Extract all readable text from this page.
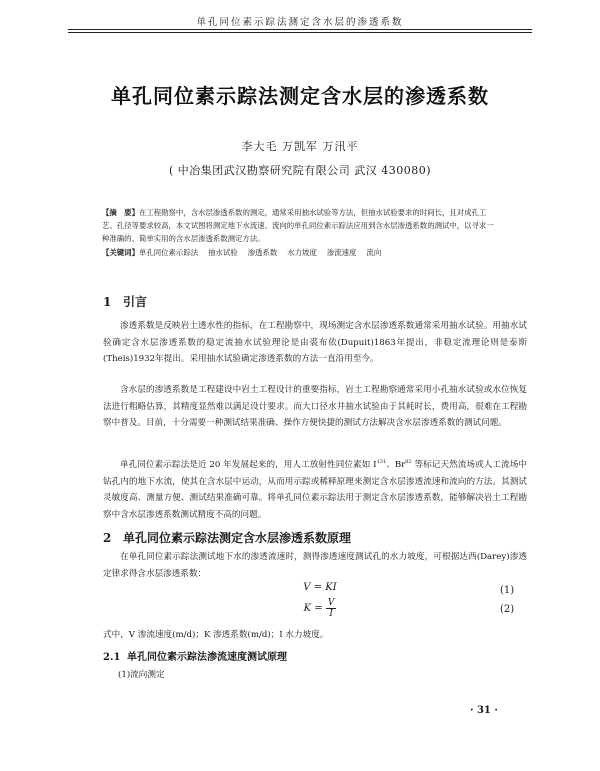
单孔同位素示踪法测定含水层的渗透系数
单孔同位素示踪法测定含水层的渗透系数
李大毛 万凯军 万汛平
( 中冶集团武汉勘察研究院有限公司 武汉 430080)
【摘　要】在工程勘察中，含水层渗透系数的测定，通常采用抽水试验等方法，但抽水试验要求的时间长，且对成孔工艺、孔径等要求较高，本文试图将测定地下水流速、流向的单孔同位素示踪法应用到含水层渗透系数的测试中，以寻求一种准确的、简单实用的含水层渗透系数测定方法。
【关键词】单孔同位素示踪法 抽水试验 渗透系数 水力坡度 渗流速度 流向
1 引言
渗透系数是反映岩土透水性的指标，在工程勘察中，现场测定含水层渗透系数通常采用抽水试验。用抽水试验确定含水层渗透系数的稳定流抽水试验理论是由裘布依(Dupuit)1863年提出，非稳定流理论则是泰斯(Theis)1932年提出。采用抽水试验确定渗透系数的方法一直沿用至今。
含水层的渗透系数是工程建设中岩土工程设计的重要指标，岩土工程勘察通常采用小孔抽水试验或水位恢复法进行粗略估算，其精度显然难以满足设计要求。而大口径水井抽水试验由于其耗时长，费用高，很难在工程勘察中普及。目前，十分需要一种测试结果准确、操作方便快捷的测试方法解决含水层渗透系数的测试问题。
单孔同位素示踪法是近 20 年发展起来的，用人工放射性同位素如 $I^{131}$、Br$^{82}$ 等标记天然流场或人工流场中钻孔内的地下水流，使其在含水层中运动，从而用示踪或稀释原理来测定含水层渗透流速和流向的方法。其测试灵敏度高、测量方便、测试结果准确可靠。将单孔同位素示踪法用于测定含水层渗透系数，能够解决岩土工程勘察中含水层渗透系数测试精度不高的问题。
2 单孔同位素示踪法测定含水层渗透系数原理
在单孔同位素示踪法测试地下水的渗透流速时，测得渗透速度测试孔的水力坡度，可根据达西(Darey)渗透定律求得含水层渗透系数：
V = KI	(1)
$K = \frac{V}{I}$	(2)
式中，V 渗流速度(m/d)；K 渗透系数(m/d)；I 水力坡度。
2.1 单孔同位素示踪法渗流速度测试原理
(1)流向测定
· 31 ·
